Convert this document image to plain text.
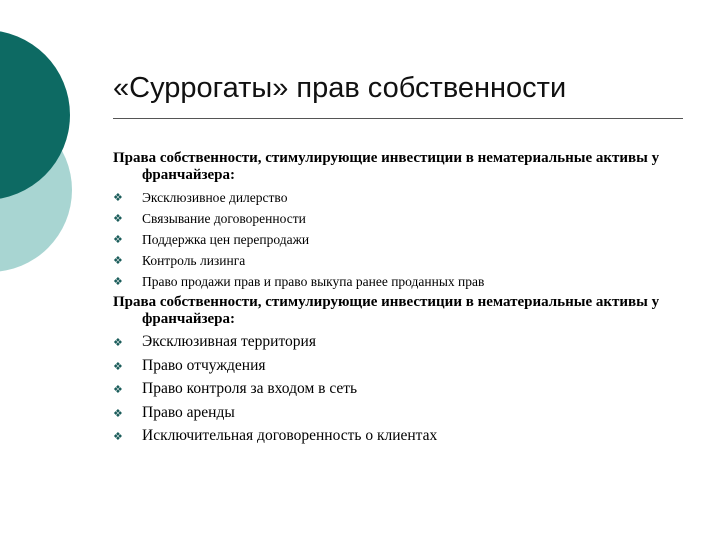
«Суррогаты» прав собственности
Права собственности, стимулирующие инвестиции в нематериальные активы у франчайзера:
❖ Эксклюзивное дилерство
❖ Связывание договоренности
❖ Поддержка цен перепродажи
❖ Контроль лизинга
❖ Право продажи прав и право выкупа ранее проданных прав
Права собственности, стимулирующие инвестиции в нематериальные активы у франчайзера:
❖ Эксклюзивная территория
❖ Право отчуждения
❖ Право контроля за входом в сеть
❖ Право аренды
❖ Исключительная договоренность о клиентах
